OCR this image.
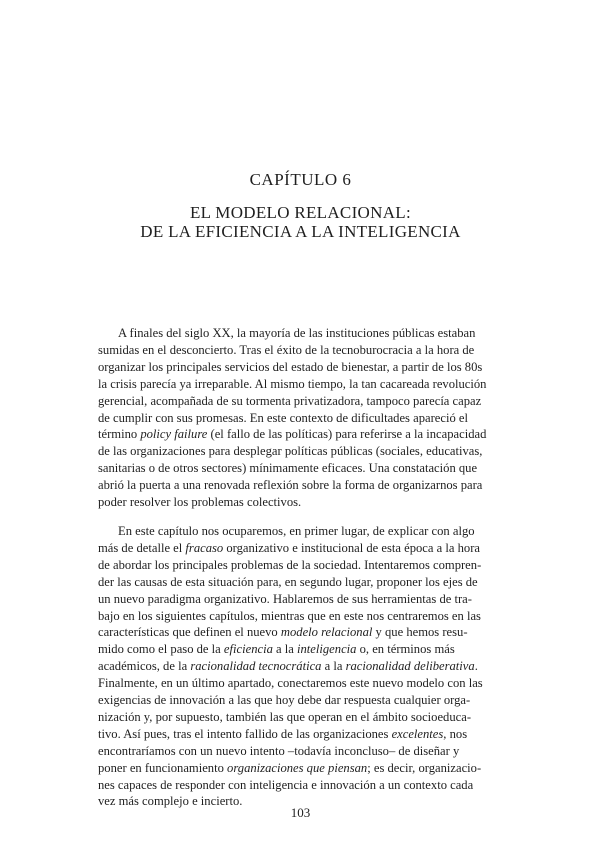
CAPÍTULO 6
EL MODELO RELACIONAL:
DE LA EFICIENCIA A LA INTELIGENCIA

A finales del siglo XX, la mayoría de las instituciones públicas estaban
sumidas en el desconcierto. Tras el éxito de la tecnoburocracia a la hora de
organizar los principales servicios del estado de bienestar, a partir de los 80s
la crisis parecía ya irreparable. Al mismo tiempo, la tan cacareada revolución
gerencial, acompañada de su tormenta privatizadora, tampoco parecía capaz
de cumplir con sus promesas. En este contexto de dificultades apareció el
término policy failure (el fallo de las políticas) para referirse a la incapacidad
de las organizaciones para desplegar políticas públicas (sociales, educativas,
sanitarias o de otros sectores) mínimamente eficaces. Una constatación que
abrió la puerta a una renovada reflexión sobre la forma de organizarnos para
poder resolver los problemas colectivos.

En este capítulo nos ocuparemos, en primer lugar, de explicar con algo
más de detalle el fracaso organizativo e institucional de esta época a la hora
de abordar los principales problemas de la sociedad. Intentaremos compren-
der las causas de esta situación para, en segundo lugar, proponer los ejes de
un nuevo paradigma organizativo. Hablaremos de sus herramientas de tra-
bajo en los siguientes capítulos, mientras que en este nos centraremos en las
características que definen el nuevo modelo relacional y que hemos resu-
mido como el paso de la eficiencia a la inteligencia o, en términos más
académicos, de la racionalidad tecnocrática a la racionalidad deliberativa.
Finalmente, en un último apartado, conectaremos este nuevo modelo con las
exigencias de innovación a las que hoy debe dar respuesta cualquier orga-
nización y, por supuesto, también las que operan en el ámbito socioeduca-
tivo. Así pues, tras el intento fallido de las organizaciones excelentes, nos
encontraríamos con un nuevo intento –todavía inconcluso– de diseñar y
poner en funcionamiento organizaciones que piensan; es decir, organizacio-
nes capaces de responder con inteligencia e innovación a un contexto cada
vez más complejo e incierto.

103
